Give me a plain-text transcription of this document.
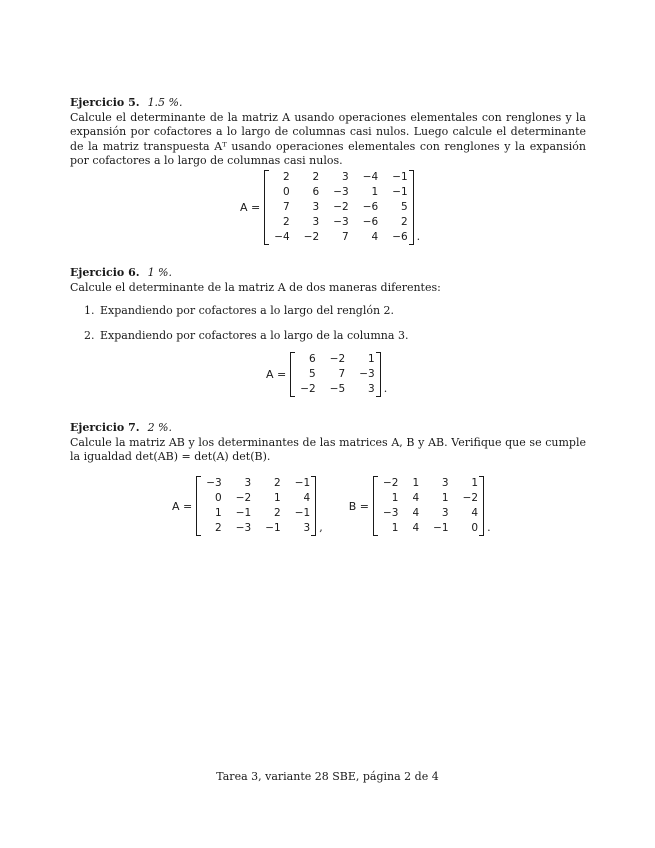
Ejercicio 5. 1.5 %.

Calcule el determinante de la matriz A usando operaciones elementales con renglones y la expansión por cofactores a lo largo de columnas casi nulos. Luego calcule el determinante de la matriz transpuesta Aᵀ usando operaciones elementales con renglones y la expansión por cofactores a lo largo de columnas casi nulos.

Ejercicio 6. 1 %.

Calcule el determinante de la matriz A de dos maneras diferentes:

1. Expandiendo por cofactores a lo largo del renglón 2.
2. Expandiendo por cofactores a lo largo de la columna 3.
Ejercicio 7. 2 %.

Calcule la matriz AB y los determinantes de las matrices A, B y AB. Verifique que se cumple la igualdad det(AB) = det(A) det(B).

A =
2	2	3	−4	−1
0	6	−3	1	−1
7	3	−2	−6	5
2	3	−3	−6	2
−4	−2	7	4	−6 .
A =
6	−2	1
5	7	−3
−2	−5	3 .
A =
−3	3	2	−1
0	−2	1	4
1	−1	2	−1
2	−3	−1	3 ,
B =
−2	1	3	1
1	4	1	−2
−3	4	3	4
1	4	−1	0 .
Tarea 3, variante 28 SBE, página 2 de 4
